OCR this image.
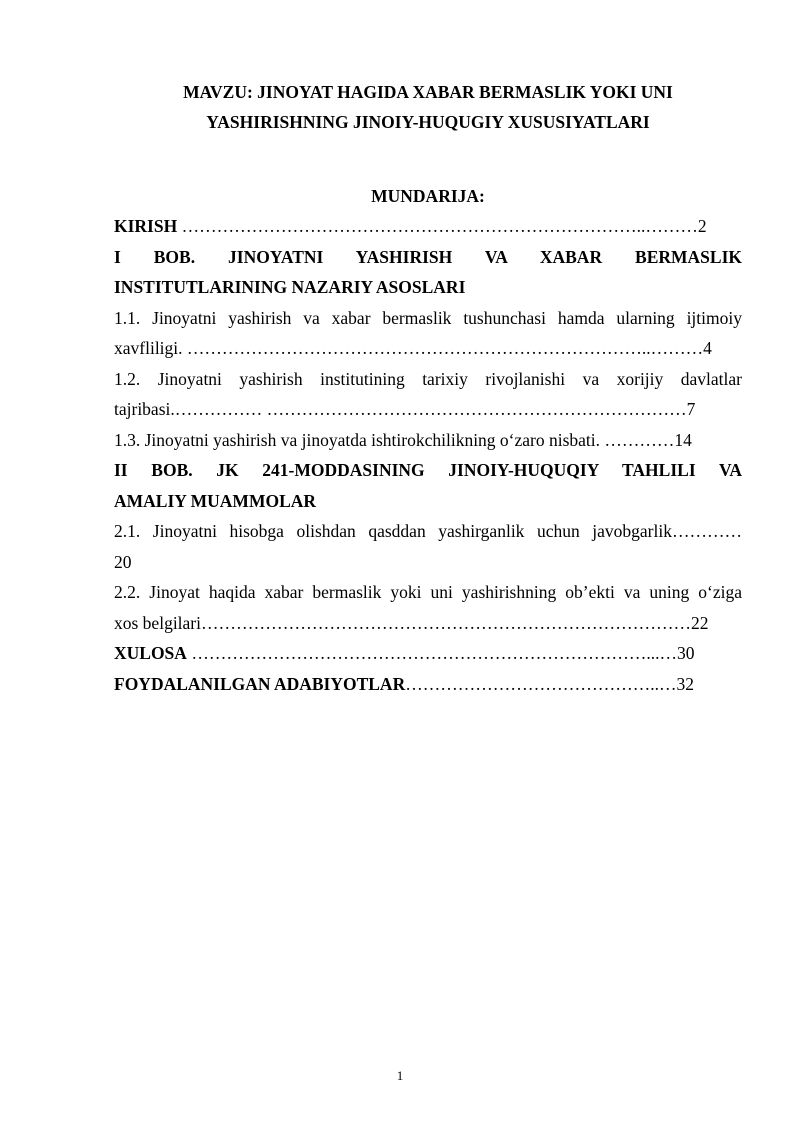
MAVZU: JINOYAT HAGIDA XABAR BERMASLIK YOKI UNI
YASHIRISHNING JINOIY-HUQUGIY XUSUSIYATLARI
MUNDARIJA:

KIRISH ……………………………………………………………………..………2

I BOB. JINOYATNI YASHIRISH VA XABAR BERMASLIK

INSTITUTLARINING NAZARIY ASOSLARI

1.1. Jinoyatni yashirish va xabar bermaslik tushunchasi hamda ularning ijtimoiy

xavfliligi. ……………………………………………………………………..………4

1.2. Jinoyatni yashirish institutining tarixiy rivojlanishi va xorijiy davlatlar

tajribasi.…………… ………………………………………………………………7

1.3. Jinoyatni yashirish va jinoyatda ishtirokchilikning o‘zaro nisbati. …………14

II BOB. JK 241-MODDASINING JINOIY-HUQUQIY TAHLILI VA

AMALIY MUAMMOLAR

2.1. Jinoyatni hisobga olishdan qasddan yashirganlik uchun javobgarlik…………

20

2.2. Jinoyat haqida xabar bermaslik yoki uni yashirishning ob’ekti va uning o‘ziga

xos belgilari…………………………………………………………………………22

XULOSA ……………………………………………………………………...…30

FOYDALANILGAN ADABIYOTLAR……………………………………..…32

1
